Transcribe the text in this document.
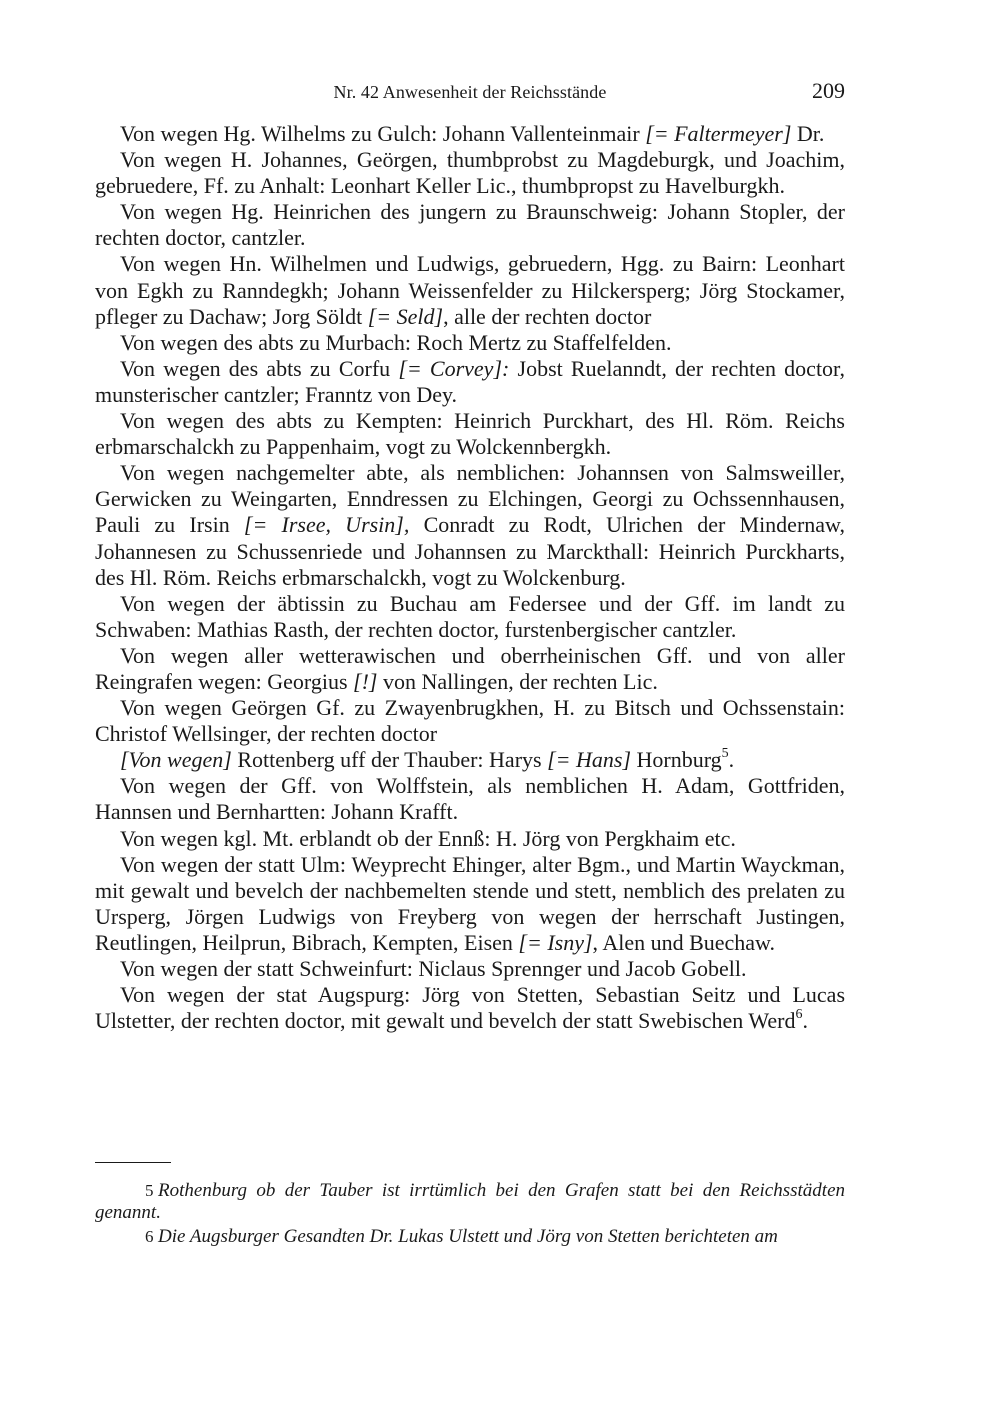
Nr. 42 Anwesenheit der Reichsstände	209

Von wegen Hg. Wilhelms zu Gulch: Johann Vallenteinmair [= Faltermeyer] Dr.

Von wegen H. Johannes, Geörgen, thumbprobst zu Magdeburgk, und Joachim, gebruedere, Ff. zu Anhalt: Leonhart Keller Lic., thumbpropst zu Havelburgkh.

Von wegen Hg. Heinrichen des jungern zu Braunschweig: Johann Stopler, der rechten doctor, cantzler.

Von wegen Hn. Wilhelmen und Ludwigs, gebruedern, Hgg. zu Bairn: Leonhart von Egkh zu Ranndegkh; Johann Weissenfelder zu Hilckersperg; Jörg Stockamer, pfleger zu Dachaw; Jorg Söldt [= Seld], alle der rechten doctor

Von wegen des abts zu Murbach: Roch Mertz zu Staffelfelden.

Von wegen des abts zu Corfu [= Corvey]: Jobst Ruelanndt, der rechten doctor, munsterischer cantzler; Franntz von Dey.

Von wegen des abts zu Kempten: Heinrich Purckhart, des Hl. Röm. Reichs erbmarschalckh zu Pappenhaim, vogt zu Wolckennbergkh.

Von wegen nachgemelter abte, als nemblichen: Johannsen von Salmsweiller, Gerwicken zu Weingarten, Enndressen zu Elchingen, Georgi zu Ochssennhausen, Pauli zu Irsin [= Irsee, Ursin], Conradt zu Rodt, Ulrichen der Mindernaw, Johannesen zu Schussenriede und Johannsen zu Marckthall: Heinrich Purckharts, des Hl. Röm. Reichs erbmarschalckh, vogt zu Wolckenburg.

Von wegen der äbtissin zu Buchau am Federsee und der Gff. im landt zu Schwaben: Mathias Rasth, der rechten doctor, furstenbergischer cantzler.

Von wegen aller wetterawischen und oberrheinischen Gff. und von aller Reingrafen wegen: Georgius [!] von Nallingen, der rechten Lic.

Von wegen Geörgen Gf. zu Zwayenbrugkhen, H. zu Bitsch und Ochssenstain: Christof Wellsinger, der rechten doctor

[Von wegen] Rottenberg uff der Thauber: Harys [= Hans] Hornburg$^5$.

Von wegen der Gff. von Wolffstein, als nemblichen H. Adam, Gottfriden, Hannsen und Bernhartten: Johann Krafft.

Von wegen kgl. Mt. erblandt ob der Ennß: H. Jörg von Pergkhaim etc.

Von wegen der statt Ulm: Weyprecht Ehinger, alter Bgm., und Martin Wayckman, mit gewalt und bevelch der nachbemelten stende und stett, nemblich des prelaten zu Ursperg, Jörgen Ludwigs von Freyberg von wegen der herrschaft Justingen, Reutlingen, Heilprun, Bibrach, Kempten, Eisen [= Isny], Alen und Buechaw.

Von wegen der statt Schweinfurt: Niclaus Sprennger und Jacob Gobell.

Von wegen der stat Augspurg: Jörg von Stetten, Sebastian Seitz und Lucas Ulstetter, der rechten doctor, mit gewalt und bevelch der statt Swebischen Werd$^6$.

5 Rothenburg ob der Tauber ist irrtümlich bei den Grafen statt bei den Reichsstädten genannt.

6 Die Augsburger Gesandten Dr. Lukas Ulstett und Jörg von Stetten berichteten am
